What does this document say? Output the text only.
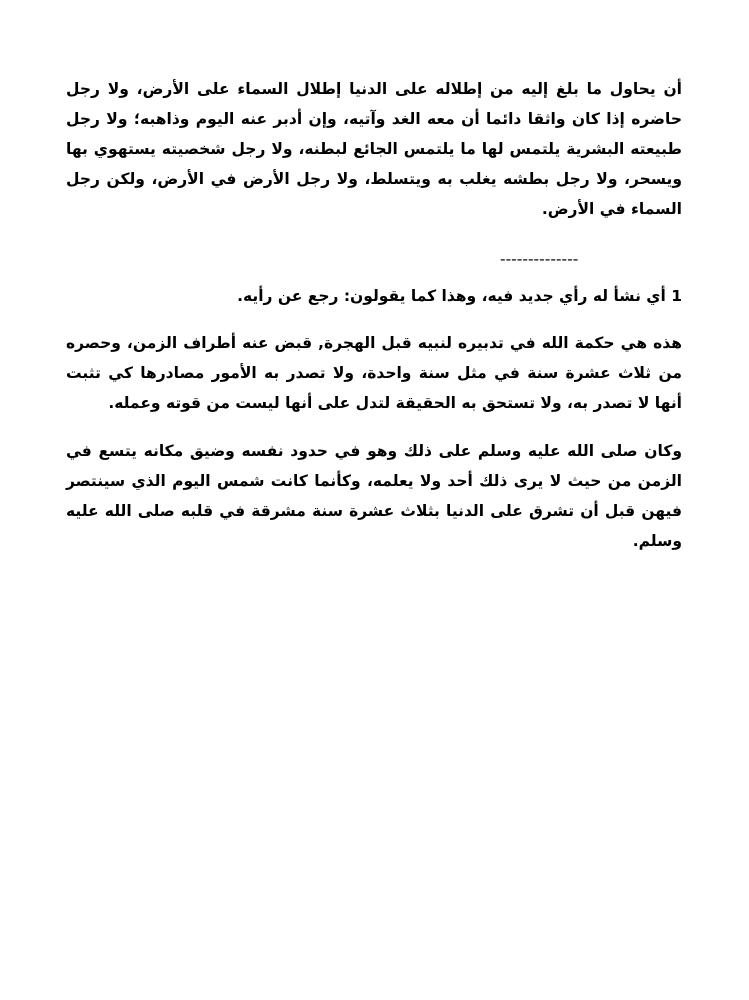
أن يحاول ما بلغ إليه من إطلاله على الدنيا إطلال السماء على الأرض، ولا رجل حاضره إذا كان واثقا دائما أن معه الغد وآتيه، وإن أدبر عنه اليوم وذاهبه؛ ولا رجل طبيعته البشرية يلتمس لها ما يلتمس الجائع لبطنه، ولا رجل شخصيته يستهوي بها ويسحر، ولا رجل بطشه يغلب به ويتسلط، ولا رجل الأرض في الأرض، ولكن رجل السماء في الأرض.

--------------

1 أي نشأ له رأي جديد فيه، وهذا كما يقولون: رجع عن رأيه.

هذه هي حكمة الله في تدبيره لنبيه قبل الهجرة, قبض عنه أطراف الزمن، وحصره من ثلاث عشرة سنة في مثل سنة واحدة، ولا تصدر به الأمور مصادرها كي تثبت أنها لا تصدر به، ولا تستحق به الحقيقة لتدل على أنها ليست من قوته وعمله.

وكان صلى الله عليه وسلم على ذلك وهو في حدود نفسه وضيق مكانه يتسع في الزمن من حيث لا يرى ذلك أحد ولا يعلمه، وكأنما كانت شمس اليوم الذي سينتصر فيهن قبل أن تشرق على الدنيا بثلاث عشرة سنة مشرقة في قلبه صلى الله عليه وسلم.
